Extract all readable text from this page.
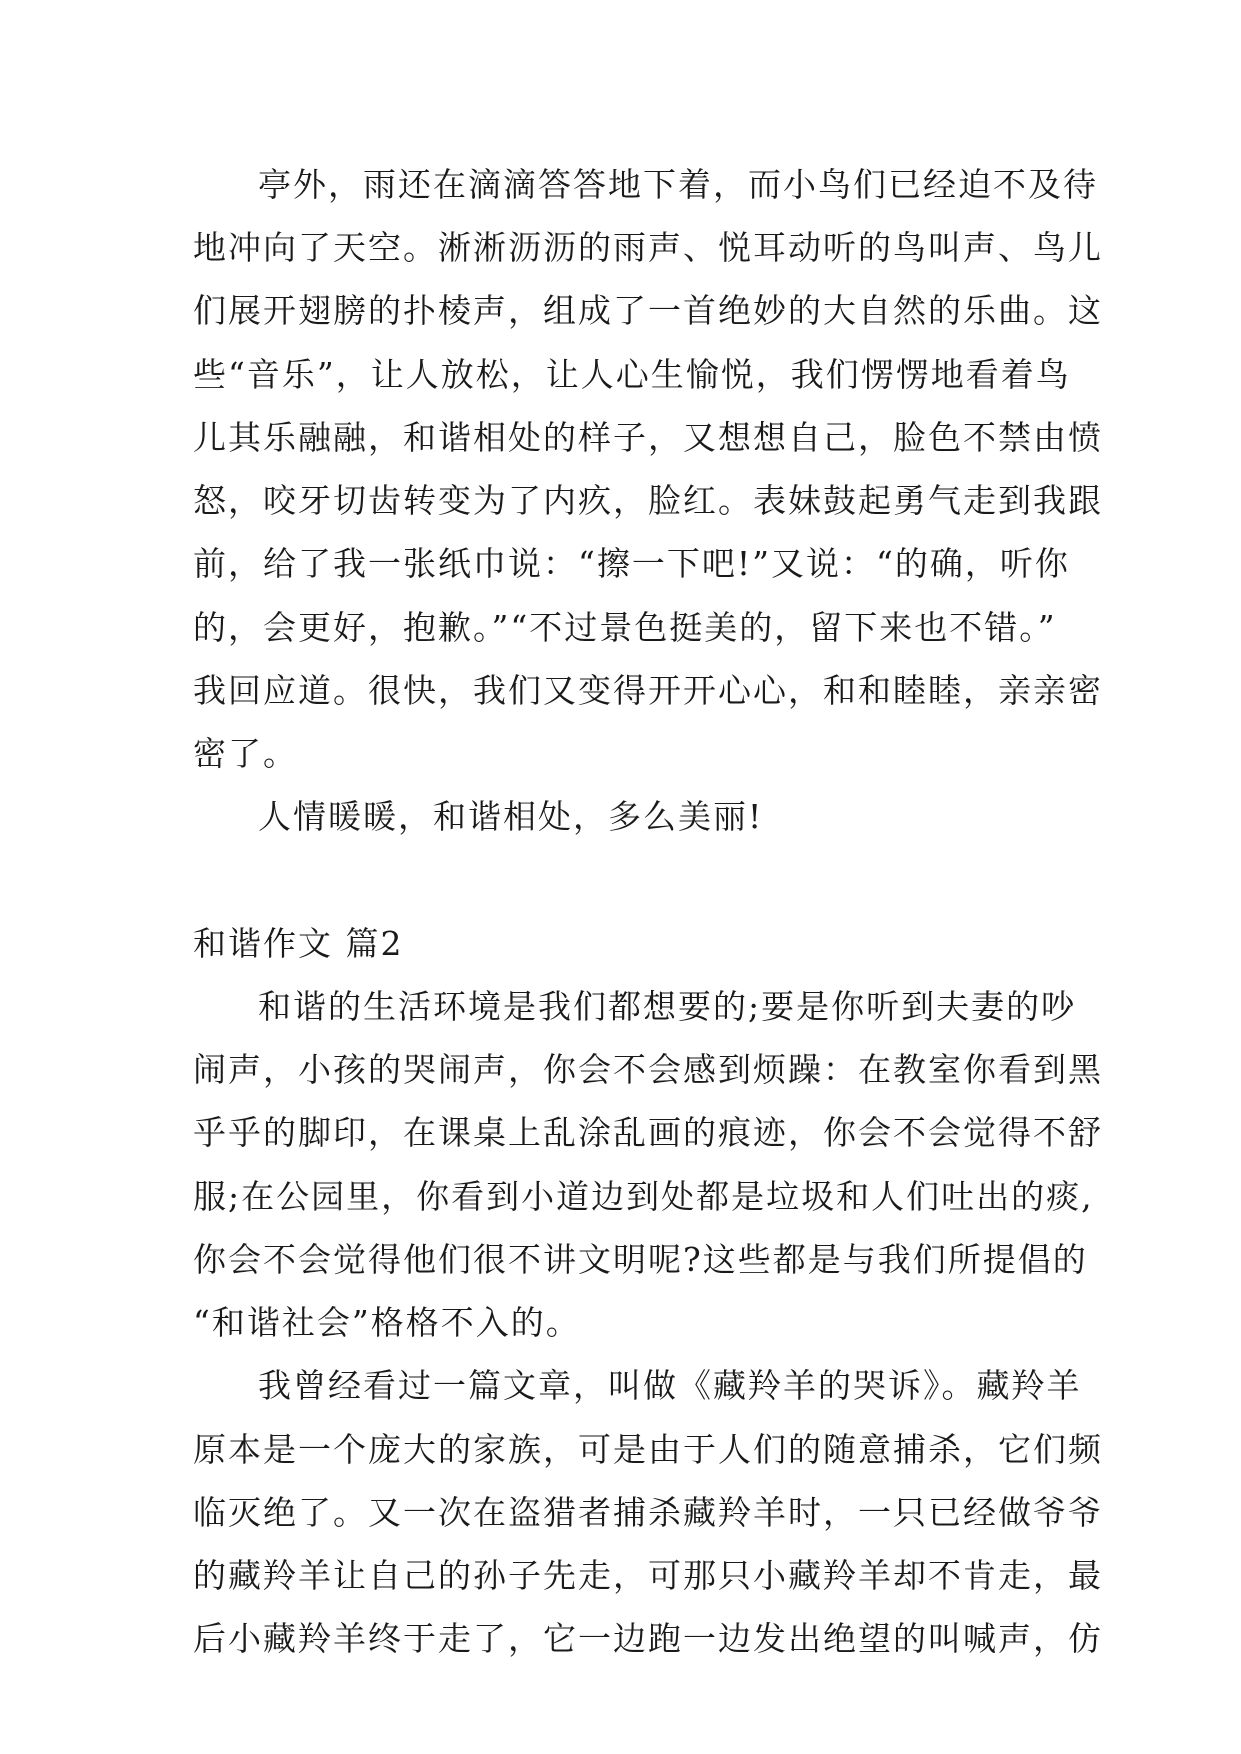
亭外，雨还在滴滴答答地下着，而小鸟们已经迫不及待
地冲向了天空。淅淅沥沥的雨声、悦耳动听的鸟叫声、鸟儿
们展开翅膀的扑棱声，组成了一首绝妙的大自然的乐曲。这
些“音乐”，让人放松，让人心生愉悦，我们愣愣地看着鸟
儿其乐融融，和谐相处的样子，又想想自己，脸色不禁由愤
怒，咬牙切齿转变为了内疚，脸红。表妹鼓起勇气走到我跟
前，给了我一张纸巾说：“擦一下吧!”又说：“的确，听你
的，会更好，抱歉。”“不过景色挺美的，留下来也不错。”
我回应道。很快，我们又变得开开心心，和和睦睦，亲亲密
密了。
人情暖暖，和谐相处，多么美丽!
和谐作文 篇2
和谐的生活环境是我们都想要的;要是你听到夫妻的吵
闹声，小孩的哭闹声，你会不会感到烦躁：在教室你看到黑
乎乎的脚印，在课桌上乱涂乱画的痕迹，你会不会觉得不舒
服;在公园里，你看到小道边到处都是垃圾和人们吐出的痰,
你会不会觉得他们很不讲文明呢?这些都是与我们所提倡的
“和谐社会”格格不入的。
我曾经看过一篇文章，叫做《藏羚羊的哭诉》。藏羚羊
原本是一个庞大的家族，可是由于人们的随意捕杀，它们频
临灭绝了。又一次在盗猎者捕杀藏羚羊时，一只已经做爷爷
的藏羚羊让自己的孙子先走，可那只小藏羚羊却不肯走，最
后小藏羚羊终于走了，它一边跑一边发出绝望的叫喊声，仿
